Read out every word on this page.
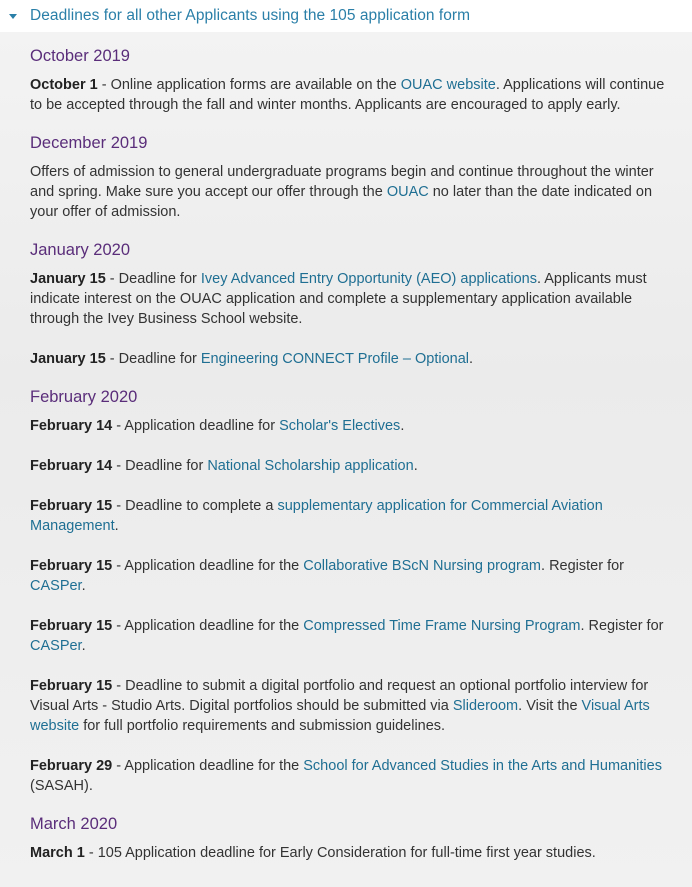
Deadlines for all other Applicants using the 105 application form
October 2019

October 1 - Online application forms are available on the OUAC website. Applications will continue to be accepted through the fall and winter months. Applicants are encouraged to apply early.

December 2019

Offers of admission to general undergraduate programs begin and continue throughout the winter and spring. Make sure you accept our offer through the OUAC no later than the date indicated on your offer of admission.

January 2020

January 15 - Deadline for Ivey Advanced Entry Opportunity (AEO) applications. Applicants must indicate interest on the OUAC application and complete a supplementary application available through the Ivey Business School website.

January 15 - Deadline for Engineering CONNECT Profile – Optional.

February 2020

February 14 - Application deadline for Scholar's Electives.

February 14 - Deadline for National Scholarship application.

February 15 - Deadline to complete a supplementary application for Commercial Aviation Management.

February 15 - Application deadline for the Collaborative BScN Nursing program. Register for CASPer.

February 15 - Application deadline for the Compressed Time Frame Nursing Program. Register for CASPer.

February 15 - Deadline to submit a digital portfolio and request an optional portfolio interview for Visual Arts - Studio Arts. Digital portfolios should be submitted via Slideroom. Visit the Visual Arts website for full portfolio requirements and submission guidelines.

February 29 - Application deadline for the School for Advanced Studies in the Arts and Humanities (SASAH).

March 2020

March 1 - 105 Application deadline for Early Consideration for full-time first year studies.
